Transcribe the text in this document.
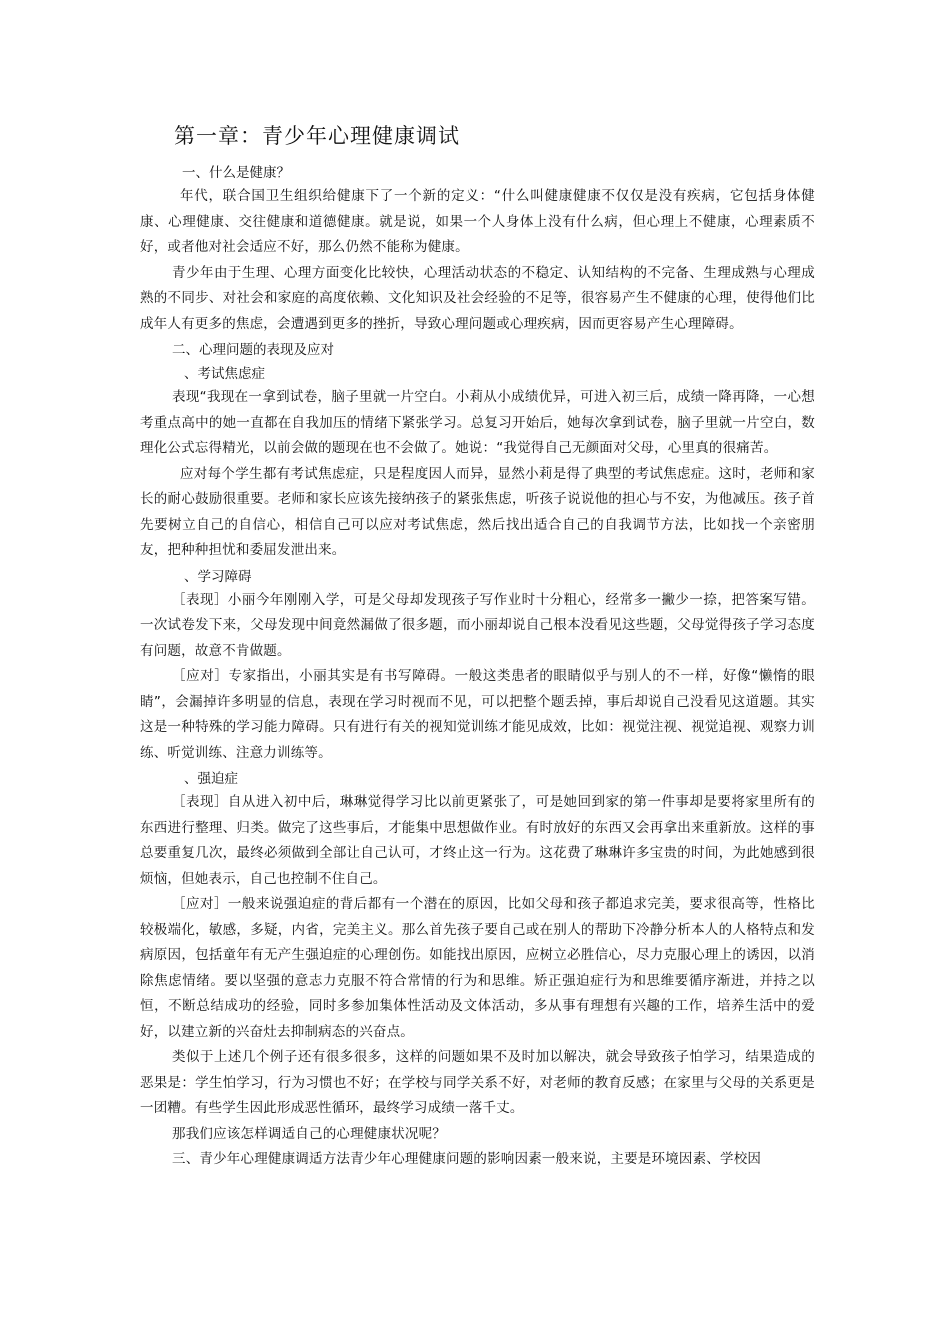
第一章：青少年心理健康调试
一、什么是健康？

年代，联合国卫生组织给健康下了一个新的定义：“什么叫健康健康不仅仅是没有疾病，它包括身体健康、心理健康、交往健康和道德健康。就是说，如果一个人身体上没有什么病，但心理上不健康，心理素质不好，或者他对社会适应不好，那么仍然不能称为健康。

青少年由于生理、心理方面变化比较快，心理活动状态的不稳定、认知结构的不完备、生理成熟与心理成熟的不同步、对社会和家庭的高度依赖、文化知识及社会经验的不足等，很容易产生不健康的心理，使得他们比成年人有更多的焦虑，会遭遇到更多的挫折，导致心理问题或心理疾病，因而更容易产生心理障碍。

二、心理问题的表现及应对
、考试焦虑症

表现“我现在一拿到试卷，脑子里就一片空白。小莉从小成绩优异，可进入初三后，成绩一降再降，一心想考重点高中的她一直都在自我加压的情绪下紧张学习。总复习开始后，她每次拿到试卷，脑子里就一片空白，数理化公式忘得精光，以前会做的题现在也不会做了。她说：“我觉得自己无颜面对父母，心里真的很痛苦。

应对每个学生都有考试焦虑症，只是程度因人而异，显然小莉是得了典型的考试焦虑症。这时，老师和家长的耐心鼓励很重要。老师和家长应该先接纳孩子的紧张焦虑，听孩子说说他的担心与不安，为他减压。孩子首先要树立自己的自信心，相信自己可以应对考试焦虑，然后找出适合自己的自我调节方法，比如找一个亲密朋友，把种种担忧和委屈发泄出来。

、学习障碍

［表现］小丽今年刚刚入学，可是父母却发现孩子写作业时十分粗心，经常多一撇少一捺，把答案写错。一次试卷发下来，父母发现中间竟然漏做了很多题，而小丽却说自己根本没看见这些题，父母觉得孩子学习态度有问题，故意不肯做题。

［应对］专家指出，小丽其实是有书写障碍。一般这类患者的眼睛似乎与别人的不一样，好像“懒惰的眼睛”，会漏掉许多明显的信息，表现在学习时视而不见，可以把整个题丢掉，事后却说自己没看见这道题。其实这是一种特殊的学习能力障碍。只有进行有关的视知觉训练才能见成效，比如：视觉注视、视觉追视、观察力训练、听觉训练、注意力训练等。

、强迫症

［表现］自从进入初中后，琳琳觉得学习比以前更紧张了，可是她回到家的第一件事却是要将家里所有的东西进行整理、归类。做完了这些事后，才能集中思想做作业。有时放好的东西又会再拿出来重新放。这样的事总要重复几次，最终必须做到全部让自己认可，才终止这一行为。这花费了琳琳许多宝贵的时间，为此她感到很烦恼，但她表示，自己也控制不住自己。

［应对］一般来说强迫症的背后都有一个潜在的原因，比如父母和孩子都追求完美，要求很高等，性格比较极端化，敏感，多疑，内省，完美主义。那么首先孩子要自己或在别人的帮助下冷静分析本人的人格特点和发病原因，包括童年有无产生强迫症的心理创伤。如能找出原因，应树立必胜信心，尽力克服心理上的诱因，以消除焦虑情绪。要以坚强的意志力克服不符合常情的行为和思维。矫正强迫症行为和思维要循序渐进，并持之以恒，不断总结成功的经验，同时多参加集体性活动及文体活动，多从事有理想有兴趣的工作，培养生活中的爱好，以建立新的兴奋灶去抑制病态的兴奋点。

类似于上述几个例子还有很多很多，这样的问题如果不及时加以解决，就会导致孩子怕学习，结果造成的恶果是：学生怕学习，行为习惯也不好；在学校与同学关系不好，对老师的教育反感；在家里与父母的关系更是一团糟。有些学生因此形成恶性循环，最终学习成绩一落千丈。

那我们应该怎样调适自己的心理健康状况呢？

三、青少年心理健康调适方法青少年心理健康问题的影响因素一般来说，主要是环境因素、学校因
